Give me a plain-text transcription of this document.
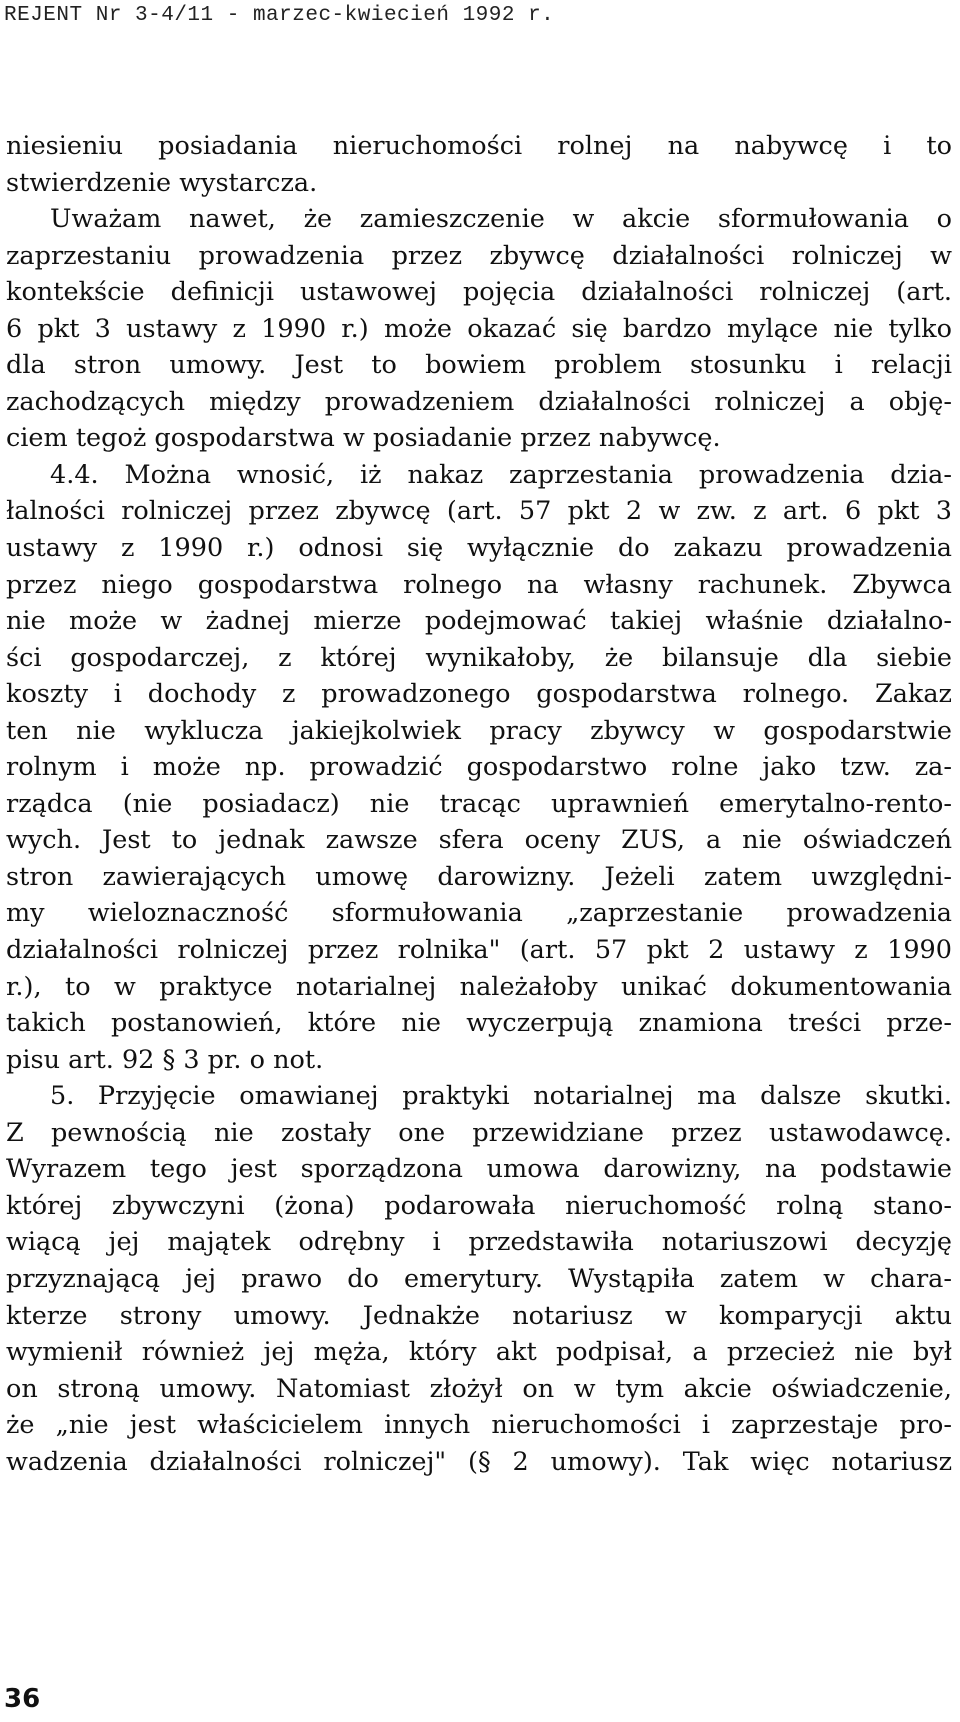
REJENT Nr 3-4/11 - marzec-kwiecień 1992 r.
niesieniu posiadania nieruchomości rolnej na nabywcę i to
stwierdzenie wystarcza.
Uważam nawet, że zamieszczenie w akcie sformułowania o
zaprzestaniu prowadzenia przez zbywcę działalności rolniczej w
kontekście definicji ustawowej pojęcia działalności rolniczej (art.
6 pkt 3 ustawy z 1990 r.) może okazać się bardzo mylące nie tylko
dla stron umowy. Jest to bowiem problem stosunku i relacji
zachodzących między prowadzeniem działalności rolniczej a obję-
ciem tegoż gospodarstwa w posiadanie przez nabywcę.
4.4. Można wnosić, iż nakaz zaprzestania prowadzenia dzia-
łalności rolniczej przez zbywcę (art. 57 pkt 2 w zw. z art. 6 pkt 3
ustawy z 1990 r.) odnosi się wyłącznie do zakazu prowadzenia
przez niego gospodarstwa rolnego na własny rachunek. Zbywca
nie może w żadnej mierze podejmować takiej właśnie działalno-
ści gospodarczej, z której wynikałoby, że bilansuje dla siebie
koszty i dochody z prowadzonego gospodarstwa rolnego. Zakaz
ten nie wyklucza jakiejkolwiek pracy zbywcy w gospodarstwie
rolnym i może np. prowadzić gospodarstwo rolne jako tzw. za-
rządca (nie posiadacz) nie tracąc uprawnień emerytalno-rento-
wych. Jest to jednak zawsze sfera oceny ZUS, a nie oświadczeń
stron zawierających umowę darowizny. Jeżeli zatem uwzględni-
my wieloznaczność sformułowania „zaprzestanie prowadzenia
działalności rolniczej przez rolnika" (art. 57 pkt 2 ustawy z 1990
r.), to w praktyce notarialnej należałoby unikać dokumentowania
takich postanowień, które nie wyczerpują znamiona treści prze-
pisu art. 92 § 3 pr. o not.
5. Przyjęcie omawianej praktyki notarialnej ma dalsze skutki.
Z pewnością nie zostały one przewidziane przez ustawodawcę.
Wyrazem tego jest sporządzona umowa darowizny, na podstawie
której zbywczyni (żona) podarowała nieruchomość rolną stano-
wiącą jej majątek odrębny i przedstawiła notariuszowi decyzję
przyznającą jej prawo do emerytury. Wystąpiła zatem w chara-
kterze strony umowy. Jednakże notariusz w komparycji aktu
wymienił również jej męża, który akt podpisał, a przecież nie był
on stroną umowy. Natomiast złożył on w tym akcie oświadczenie,
że „nie jest właścicielem innych nieruchomości i zaprzestaje pro-
wadzenia działalności rolniczej" (§ 2 umowy). Tak więc notariusz
36
